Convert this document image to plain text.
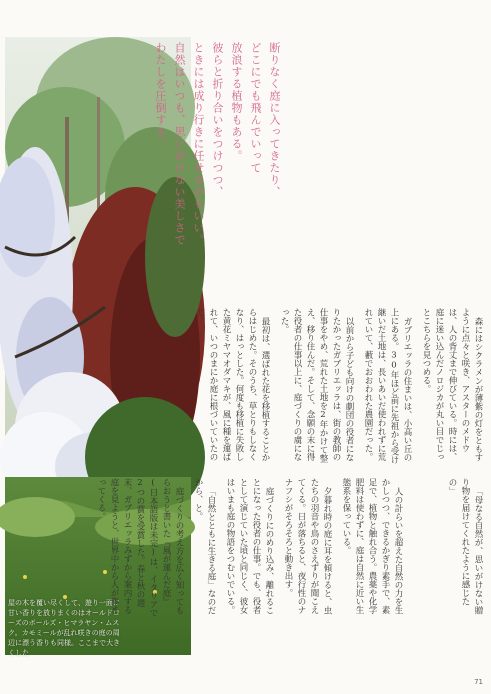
屋の木を覆い尽くして、遊り一面に甘い香りを放りまくのはオールドローズのボールズ・ヒマラヤン・ムスク。カモミールが乱れ咲きの庭の周辺に漂う香りも同様。ここまで大きくした

断りなく庭に入ってきたり、

どこにでも飛んでいって

放浪する植物もある。

彼らと折り合いをつけつつ、

ときには成り行きに任せるのもいい。

自然はいつも、思いがけない美しさで

わたしを圧倒する。

森にはシクラメンが薄紫の灯をともすように点々と咲き、アスターのメドウは、人の背丈まで伸びている。時には、庭に迷い込んだノロジカが丸い目でじっとこちらを見つめる。

ガブリエッラの住まいは、小高い丘の上にある。30年ほど前に先祖から受け継いだ土地は、長いあいだ使われずに荒れていて、藪でおおわれた農園だった。

以前から子ども向けの劇団の役者になりたかったガブリエッラは、街の教師の仕事をやめ、荒れた土地を2年かけて整え、移り住んだ。そして、念願の末に得た役者の仕事以上に、庭づくりの虜になった。

最初は、選ばれた花を移植することからはじめた。そのうち、草とりもしなくなり、はっとした。何度も移植に失敗した黄花ミヤマオダマキが、風に種を運ばれて、いつのまにか庭に根づいていたのだ。

「母なる自然が、思いがけない贈り物を届けてくれたように感じたの」

人の計らいを超えた自然の力を生かしつつ、できるかぎり素手で、素足で、植物と触れ合う。農薬や化学肥料は使わずに、庭は自然に近い生態系を保っている。

夕暮れ時の庭に耳を傾けると、虫たちの羽音や鳥のさえずりが聞こえてくる。日が落ちると、夜行性のナナフシがそろそろと動き出す。

庭づくりにのめり込み、離れることになった役者の仕事。でも、役者として演じていた頃と同じく、彼女はいまも庭の物語をつむいでいる。

「自然とともに生きる庭」なのだから、と。

庭づくりの考え方を広く知ってもらおうと書いた『風が運んだ庭』(日本語版は未完)は、イタリアで2つの賞を受賞した。春と秋の週末、ガブリエッラみずから案内する庭を見ようと、世界中から人が集まってくる。

71
